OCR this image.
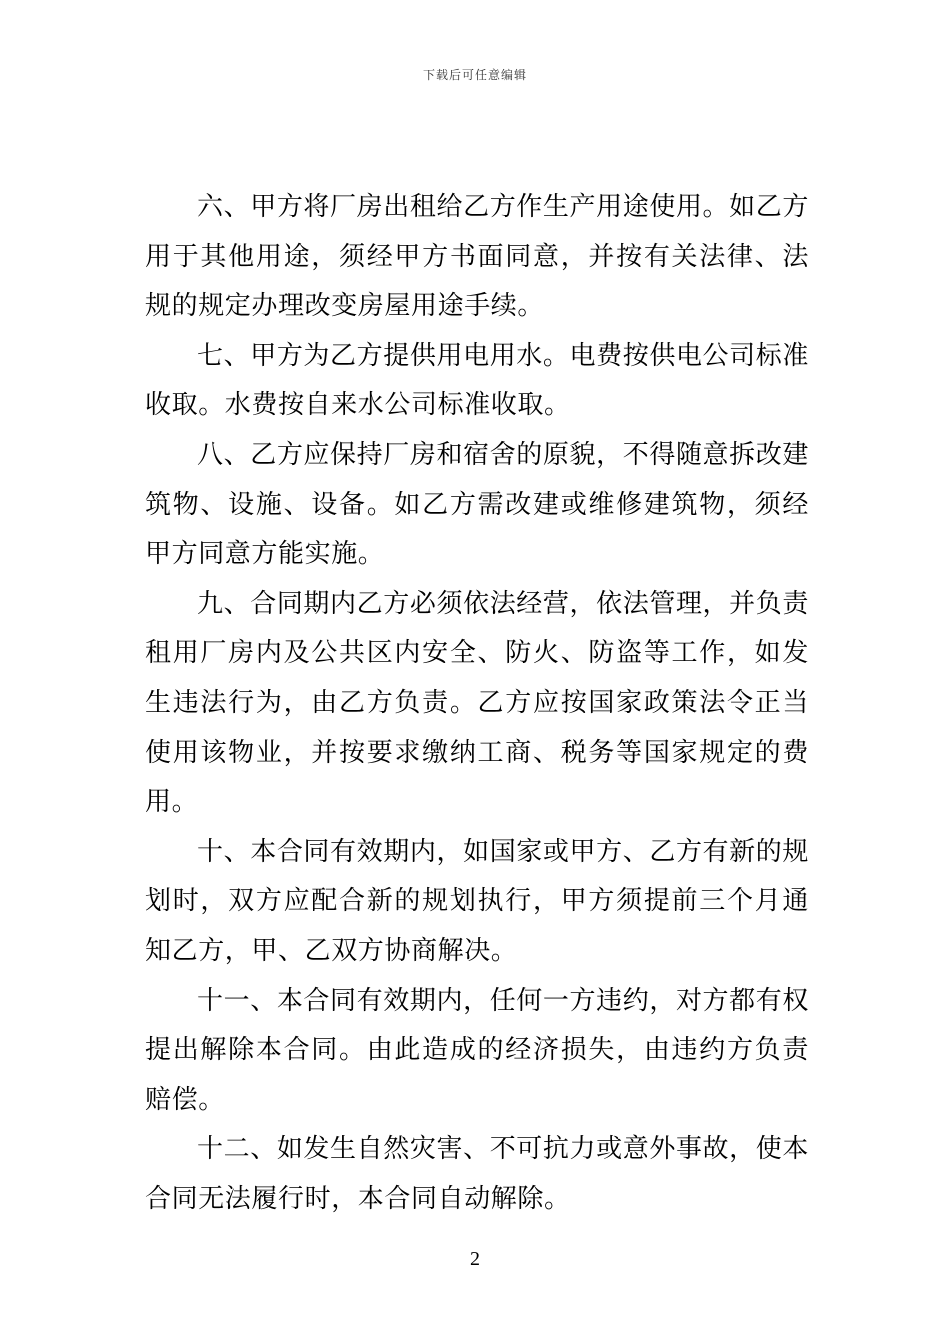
下载后可任意编辑

六、甲方将厂房出租给乙方作生产用途使用。如乙方用于其他用途，须经甲方书面同意，并按有关法律、法规的规定办理改变房屋用途手续。

七、甲方为乙方提供用电用水。电费按供电公司标准收取。水费按自来水公司标准收取。

八、乙方应保持厂房和宿舍的原貌，不得随意拆改建筑物、设施、设备。如乙方需改建或维修建筑物，须经甲方同意方能实施。

九、合同期内乙方必须依法经营，依法管理，并负责租用厂房内及公共区内安全、防火、防盗等工作，如发生违法行为，由乙方负责。乙方应按国家政策法令正当使用该物业，并按要求缴纳工商、税务等国家规定的费用。

十、本合同有效期内，如国家或甲方、乙方有新的规划时，双方应配合新的规划执行，甲方须提前三个月通知乙方，甲、乙双方协商解决。

十一、本合同有效期内，任何一方违约，对方都有权提出解除本合同。由此造成的经济损失，由违约方负责赔偿。

十二、如发生自然灾害、不可抗力或意外事故，使本合同无法履行时，本合同自动解除。

2
